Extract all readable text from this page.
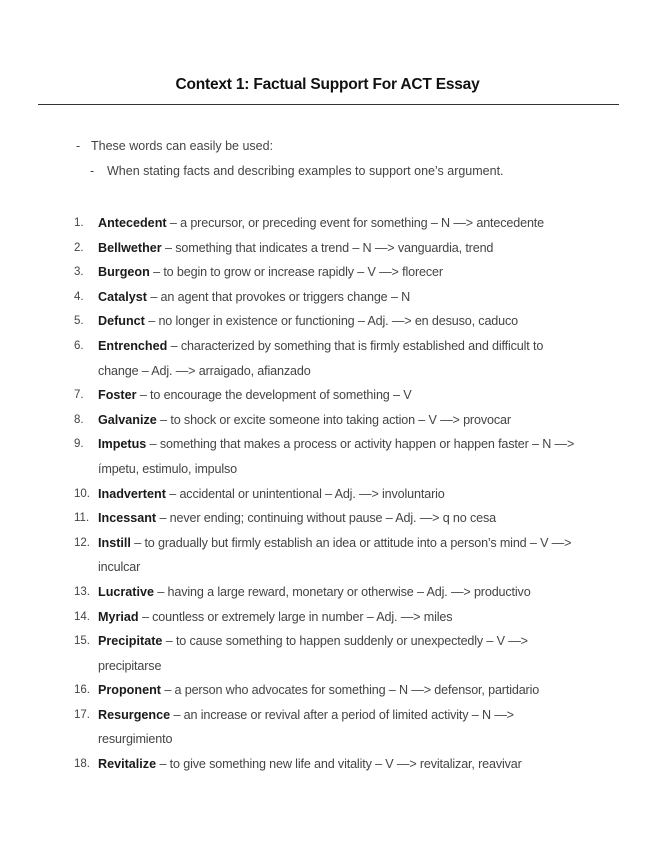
Context 1: Factual Support For ACT Essay
- These words can easily be used:
- When stating facts and describing examples to support one’s argument.
1. Antecedent – a precursor, or preceding event for something – N —> antecedente
2. Bellwether – something that indicates a trend – N —> vanguardia, trend
3. Burgeon – to begin to grow or increase rapidly – V —> florecer
4. Catalyst – an agent that provokes or triggers change – N
5. Defunct – no longer in existence or functioning – Adj. —> en desuso, caduco
6. Entrenched – characterized by something that is firmly established and difficult to change – Adj. —> arraigado, afianzado
7. Foster – to encourage the development of something – V
8. Galvanize – to shock or excite someone into taking action – V —> provocar
9. Impetus – something that makes a process or activity happen or happen faster – N —> ímpetu, estimulo, impulso
10. Inadvertent – accidental or unintentional – Adj. —> involuntario
11. Incessant – never ending; continuing without pause – Adj. —> q no cesa
12. Instill – to gradually but firmly establish an idea or attitude into a person’s mind – V —> inculcar
13. Lucrative – having a large reward, monetary or otherwise – Adj. —> productivo
14. Myriad – countless or extremely large in number – Adj. —> miles
15. Precipitate – to cause something to happen suddenly or unexpectedly – V —> precipitarse
16. Proponent – a person who advocates for something – N —> defensor, partidario
17. Resurgence – an increase or revival after a period of limited activity – N —> resurgimiento
18. Revitalize – to give something new life and vitality – V —> revitalizar, reavivar
